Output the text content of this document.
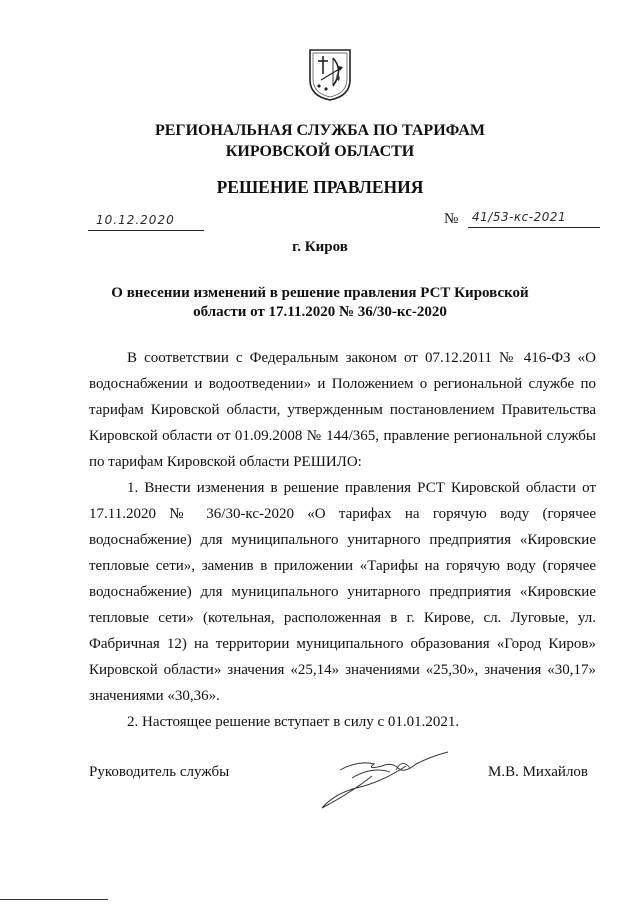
РЕГИОНАЛЬНАЯ СЛУЖБА ПО ТАРИФАМ
КИРОВСКОЙ ОБЛАСТИ
РЕШЕНИЕ ПРАВЛЕНИЯ
10.12.2020	№ 41/53-кс-2021
г. Киров
О внесении изменений в решение правления РСТ Кировской
области от 17.11.2020 № 36/30-кс-2020

В соответствии с Федеральным законом от 07.12.2011 № 416-ФЗ «О водоснабжении и водоотведении» и Положением о региональной службе по тарифам Кировской области, утвержденным постановлением Правительства Кировской области от 01.09.2008 № 144/365, правление региональной службы по тарифам Кировской области РЕШИЛО:

1. Внести изменения в решение правления РСТ Кировской области от 17.11.2020 № 36/30-кс-2020 «О тарифах на горячую воду (горячее водоснабжение) для муниципального унитарного предприятия «Кировские тепловые сети», заменив в приложении «Тарифы на горячую воду (горячее водоснабжение) для муниципального унитарного предприятия «Кировские тепловые сети» (котельная, расположенная в г. Кирове, сл. Луговые, ул. Фабричная 12) на территории муниципального образования «Город Киров» Кировской области» значения «25,14» значениями «25,30», значения «30,17» значениями «30,36».

2. Настоящее решение вступает в силу с 01.01.2021.

Руководитель службы	М.В. Михайлов
